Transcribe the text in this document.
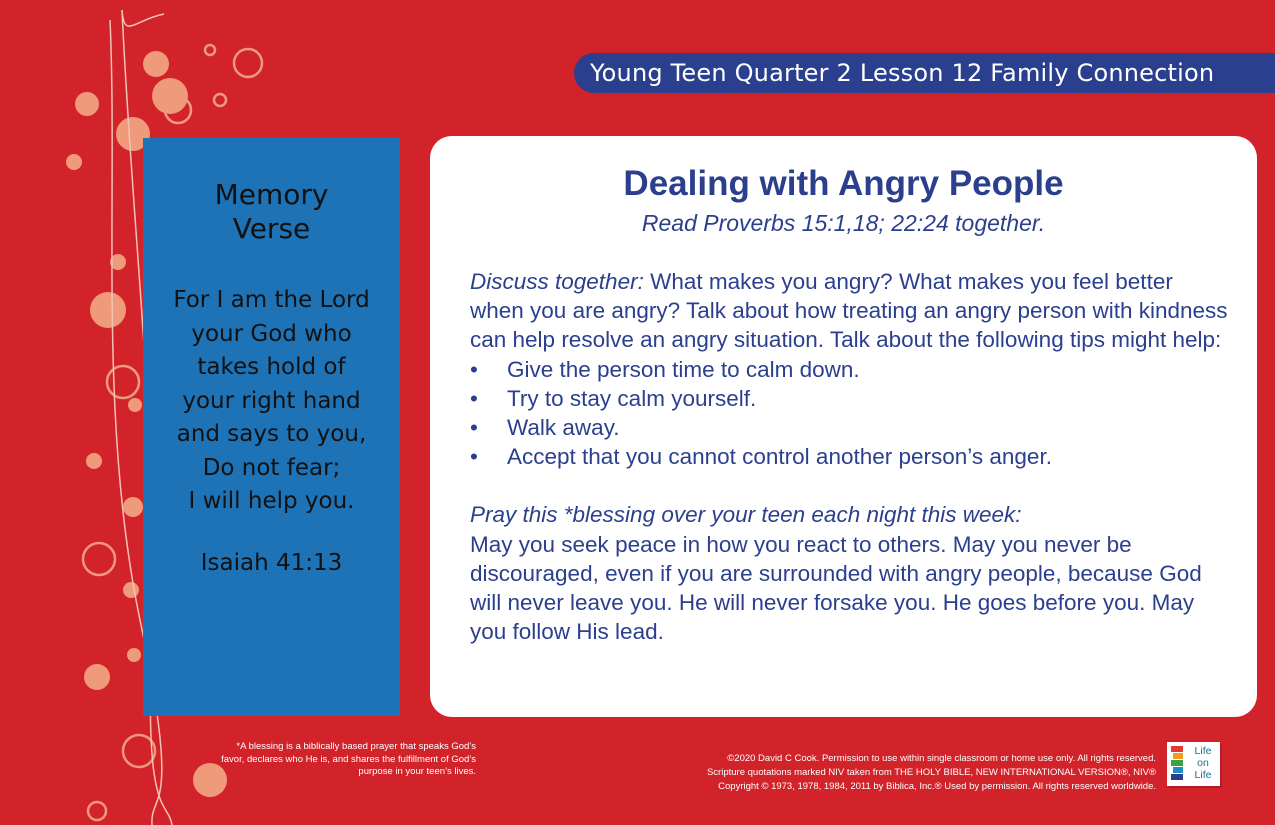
Young Teen Quarter 2 Lesson 12 Family Connection
Memory
Verse
For I am the Lord
your God who
takes hold of
your right hand
and says to you,
Do not fear;
I will help you.
Isaiah 41:13
Dealing with Angry People
Read Proverbs 15:1,18; 22:24 together.

Discuss together: What makes you angry? What makes you feel better when you are angry? Talk about how treating an angry person with kindness can help resolve an angry situation. Talk about the following tips might help:

• Give the person time to calm down.
• Try to stay calm yourself.
• Walk away.
• Accept that you cannot control another person’s anger.

Pray this *blessing over your teen each night this week:

May you seek peace in how you react to others. May you never be discouraged, even if you are surrounded with angry people, because God will never leave you. He will never forsake you. He goes before you. May you follow His lead.

*A blessing is a biblically based prayer that speaks God’s favor, declares who He is, and shares the fulfillment of God’s purpose in your teen’s lives.
©2020 David C Cook. Permission to use within single classroom or home use only. All rights reserved.
Scripture quotations marked NIV taken from THE HOLY BIBLE, NEW INTERNATIONAL VERSION®, NIV®
Copyright © 1973, 1978, 1984, 2011 by Biblica, Inc.® Used by permission. All rights reserved worldwide.
Life
on
Life
